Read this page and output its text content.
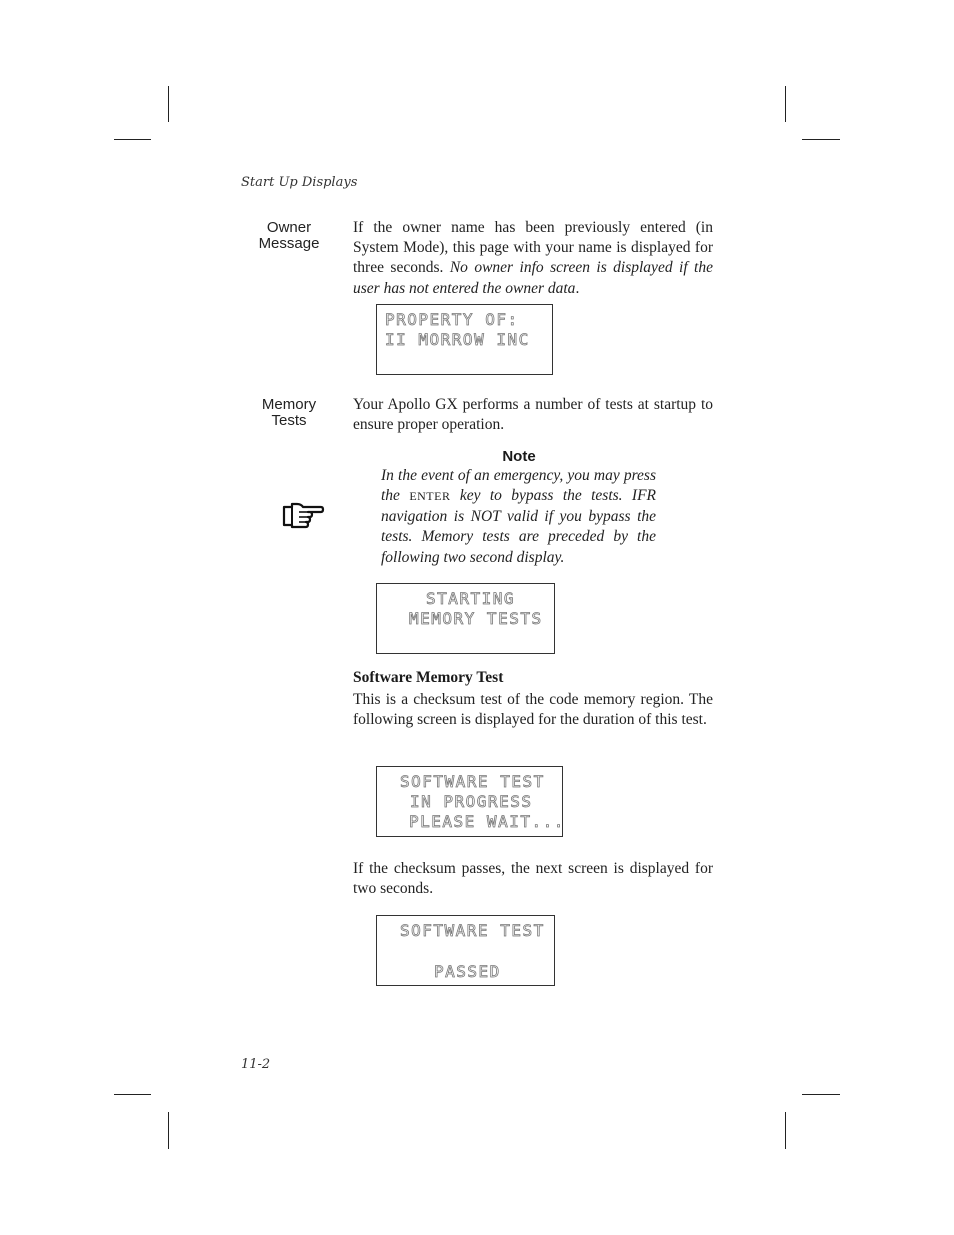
Start Up Displays
Owner
Message
If the owner name has been previously entered (in System Mode), this page with your name is displayed for three seconds. No owner info screen is displayed if the user has not entered the owner data.
PROPERTY OF:
II MORROW INC
Memory
Tests
Your Apollo GX performs a number of tests at startup to ensure proper operation.
Note
In the event of an emergency, you may press the ENTER key to bypass the tests. IFR navigation is NOT valid if you bypass the tests. Memory tests are preceded by the following two second display.
STARTING
MEMORY TESTS
Software Memory Test
This is a checksum test of the code memory region. The following screen is displayed for the duration of this test.
SOFTWARE TEST
IN PROGRESS
PLEASE WAIT...
If the checksum passes, the next screen is displayed for two seconds.
SOFTWARE TEST
PASSED
11-2
